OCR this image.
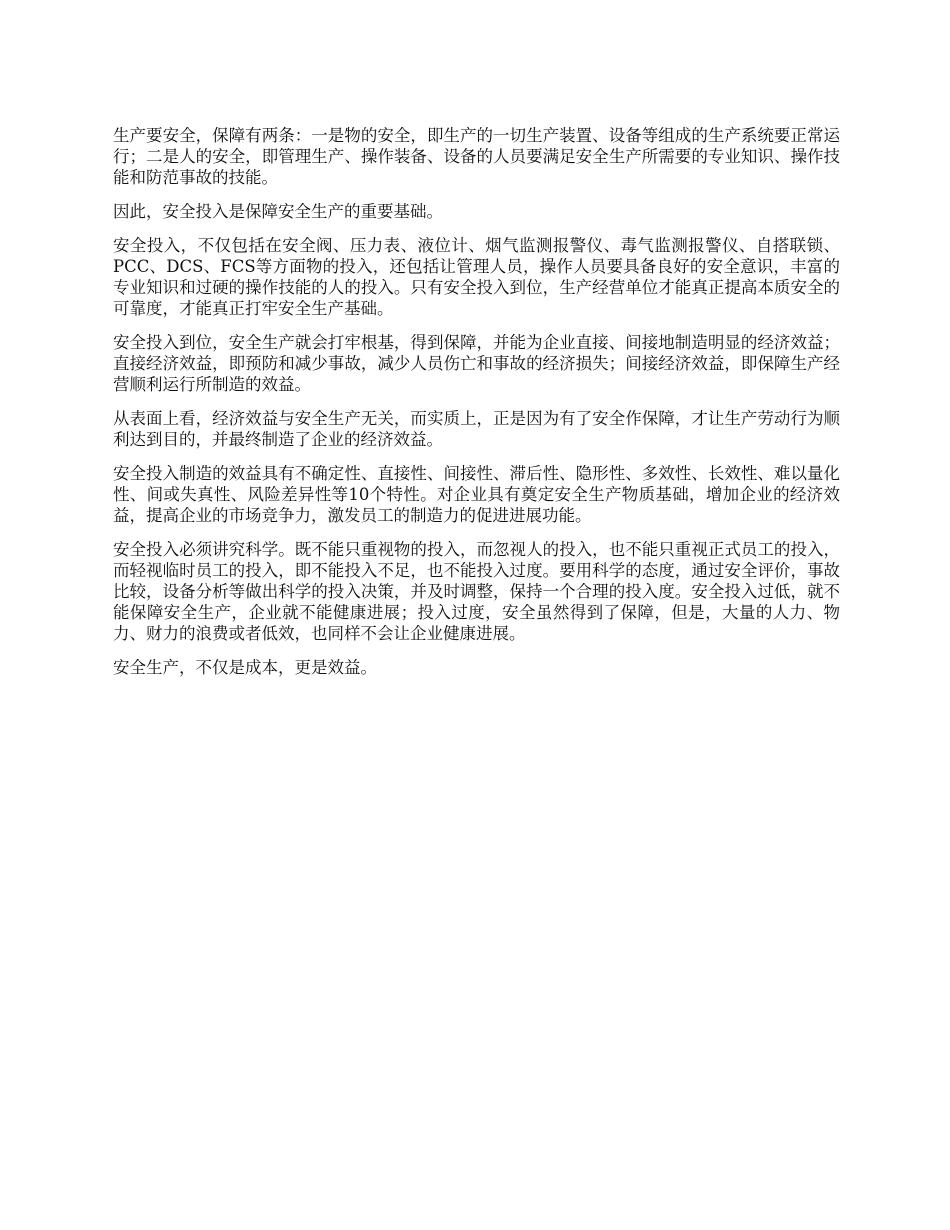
生产要安全，保障有两条：一是物的安全，即生产的一切生产装置、设备等组成的生产系统要正常运行；二是人的安全，即管理生产、操作装备、设备的人员要满足安全生产所需要的专业知识、操作技能和防范事故的技能。

因此，安全投入是保障安全生产的重要基础。

安全投入，不仅包括在安全阀、压力表、液位计、烟气监测报警仪、毒气监测报警仪、自搭联锁、PCC、DCS、FCS等方面物的投入，还包括让管理人员，操作人员要具备良好的安全意识，丰富的专业知识和过硬的操作技能的人的投入。只有安全投入到位，生产经营单位才能真正提高本质安全的可靠度，才能真正打牢安全生产基础。

安全投入到位，安全生产就会打牢根基，得到保障，并能为企业直接、间接地制造明显的经济效益；直接经济效益，即预防和减少事故，减少人员伤亡和事故的经济损失；间接经济效益，即保障生产经营顺利运行所制造的效益。

从表面上看，经济效益与安全生产无关，而实质上，正是因为有了安全作保障，才让生产劳动行为顺利达到目的，并最终制造了企业的经济效益。

安全投入制造的效益具有不确定性、直接性、间接性、滞后性、隐形性、多效性、长效性、难以量化性、间或失真性、风险差异性等10个特性。对企业具有奠定安全生产物质基础，增加企业的经济效益，提高企业的市场竞争力，激发员工的制造力的促进进展功能。

安全投入必须讲究科学。既不能只重视物的投入，而忽视人的投入，也不能只重视正式员工的投入，而轻视临时员工的投入，即不能投入不足，也不能投入过度。要用科学的态度，通过安全评价，事故比较，设备分析等做出科学的投入决策，并及时调整，保持一个合理的投入度。安全投入过低，就不能保障安全生产，企业就不能健康进展；投入过度，安全虽然得到了保障，但是，大量的人力、物力、财力的浪费或者低效，也同样不会让企业健康进展。

安全生产，不仅是成本，更是效益。
